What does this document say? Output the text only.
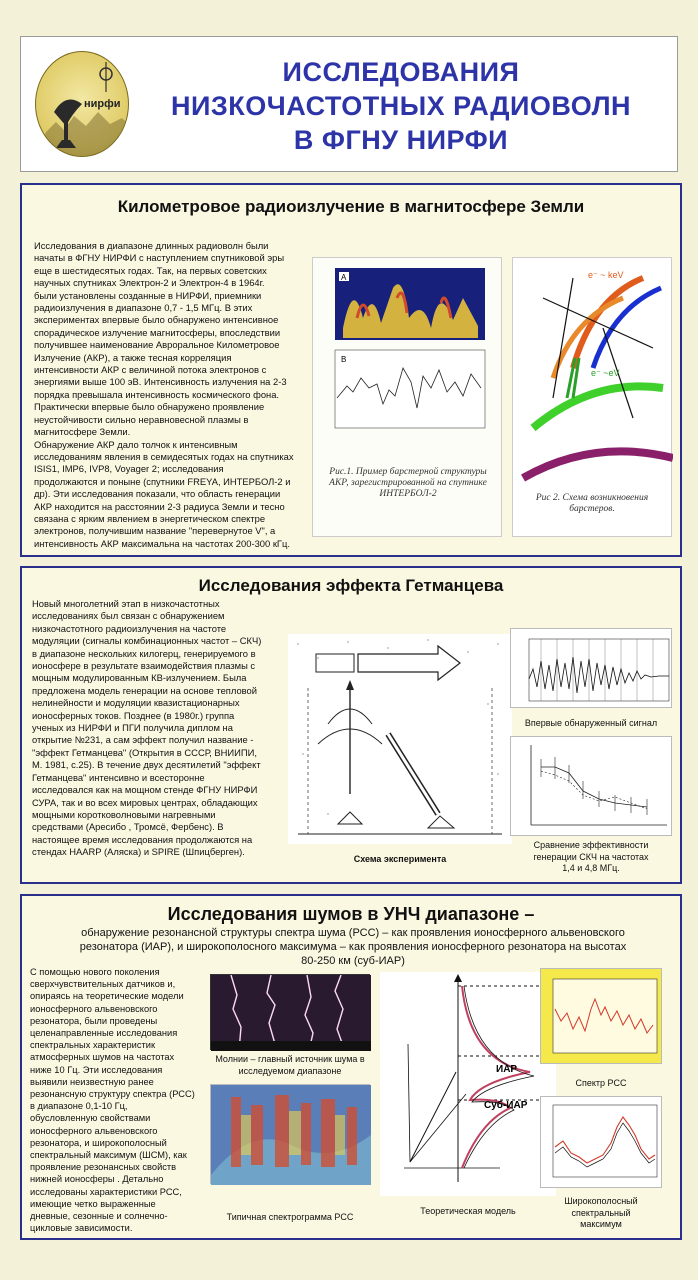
нирфи
ИССЛЕДОВАНИЯ
НИЗКОЧАСТОТНЫХ РАДИОВОЛН
В ФГНУ НИРФИ
Километровое радиоизлучение в магнитосфере Земли
Исследования в диапазоне длинных радиоволн были
начаты в ФГНУ НИРФИ с наступлением спутниковой эры
еще в шестидесятых годах. Так, на первых советских
научных спутниках Электрон-2 и Электрон-4 в 1964г.
были установлены созданные в НИРФИ, приемники
радиоизлучения в диапазоне 0,7 - 1,5 МГц. В этих
экспериментах впервые было обнаружено интенсивное
спорадическое излучение магнитосферы, впоследствии
получившее наименование Авроральное Километровое
Излучение (АКР), а также тесная корреляция
интенсивности АКР с величиной потока электронов с
энергиями выше 100 эВ. Интенсивность излучения на 2-3
порядка превышала интенсивность космического фона.
Практически впервые было обнаружено проявление
неустойчивости сильно неравновесной плазмы в
магнитосфере Земли.
Обнаружение АКР дало толчок к интенсивным
исследованиям явления в семидесятых годах на спутниках
ISIS1, IMP6, IVP8, Voyager 2; исследования
продолжаются и поныне (спутники FREYA, ИНТЕРБОЛ-2 и
др). Эти исследования показали, что область генерации
АКР находится на расстоянии 2-3 радиуса Земли и тесно
связана с ярким явлением в энергетическом спектре
электронов, получившим название "перевернутое V", а
интенсивность АКР максимальна на частотах 200-300 кГц.
A
B
Рис.1. Пример барстерной структуры
АКР, зарегистрированной на спутнике
ИНТЕРБОЛ-2
e⁻ ~ keV
e⁻ ~eV
Рис 2. Схема возникновения барстеров.
Исследования эффекта Гетманцева
Новый многолетний этап в низкочастотных
исследованиях был связан с обнаружением
низкочастотного радиоизлучения на частоте
модуляции (сигналы комбинационных частот – СКЧ)
в диапазоне нескольких килогерц, генерируемого в
ионосфере в результате взаимодействия плазмы с
мощным модулированным КВ-излучением. Была
предложена модель генерации на основе тепловой
нелинейности и модуляции квазистационарных
ионосферных токов. Позднее (в 1980г.) группа
ученых из НИРФИ и ПГИ получила диплом на
открытие №231, а сам эффект получил название -
"эффект Гетманцева" (Открытия в СССР, ВНИИПИ,
М. 1981, с.25). В течение двух десятилетий "эффект
Гетманцева" интенсивно и всесторонне
исследовался как на мощном стенде ФГНУ НИРФИ
СУРА, так и во всех мировых центрах, обладающих
мощными коротковолновыми нагревными
средствами (Аресибо , Тромсё, Фербенс). В
настоящее время исследования продолжаются на
стендах HAARP (Аляска) и SPIRE (Шпицберген).
Схема эксперимента
Впервые обнаруженный сигнал
Сравнение эффективности
генерации СКЧ на частотах
1,4 и 4,8 МГц.
Исследования шумов в УНЧ диапазоне –
обнаружение резонансной структуры спектра шума (РСС) – как проявления ионосферного альвеновского
резонатора (ИАР), и широкополосного максимума – как проявления ионосферного резонатора на высотах
80-250 км (суб-ИАР)
С помощью нового поколения
сверхчувствительных датчиков и,
опираясь на теоретические модели
ионосферного альвеновского
резонатора, были проведены
целенаправленные исследования
спектральных характеристик
атмосферных шумов на частотах
ниже 10 Гц. Эти исследования
выявили неизвестную ранее
резонансную структуру спектра (РСС)
в диапазоне 0,1-10 Гц,
обусловленную свойствами
ионосферного альвеновского
резонатора, и широкополосный
спектральный максимум (ШСМ), как
проявление резонансных свойств
нижней ионосферы . Детально
исследованы характеристики РСС,
имеющие четко выраженные
дневные, сезонные и солнечно-
цикловые зависимости.
Молнии – главный источник шума в
исследуемом диапазоне
Типичная спектрограмма РСС
ИАР
Суб-ИАР
Теоретическая модель
Спектр РСС
Широкополосный
спектральный
максимум
